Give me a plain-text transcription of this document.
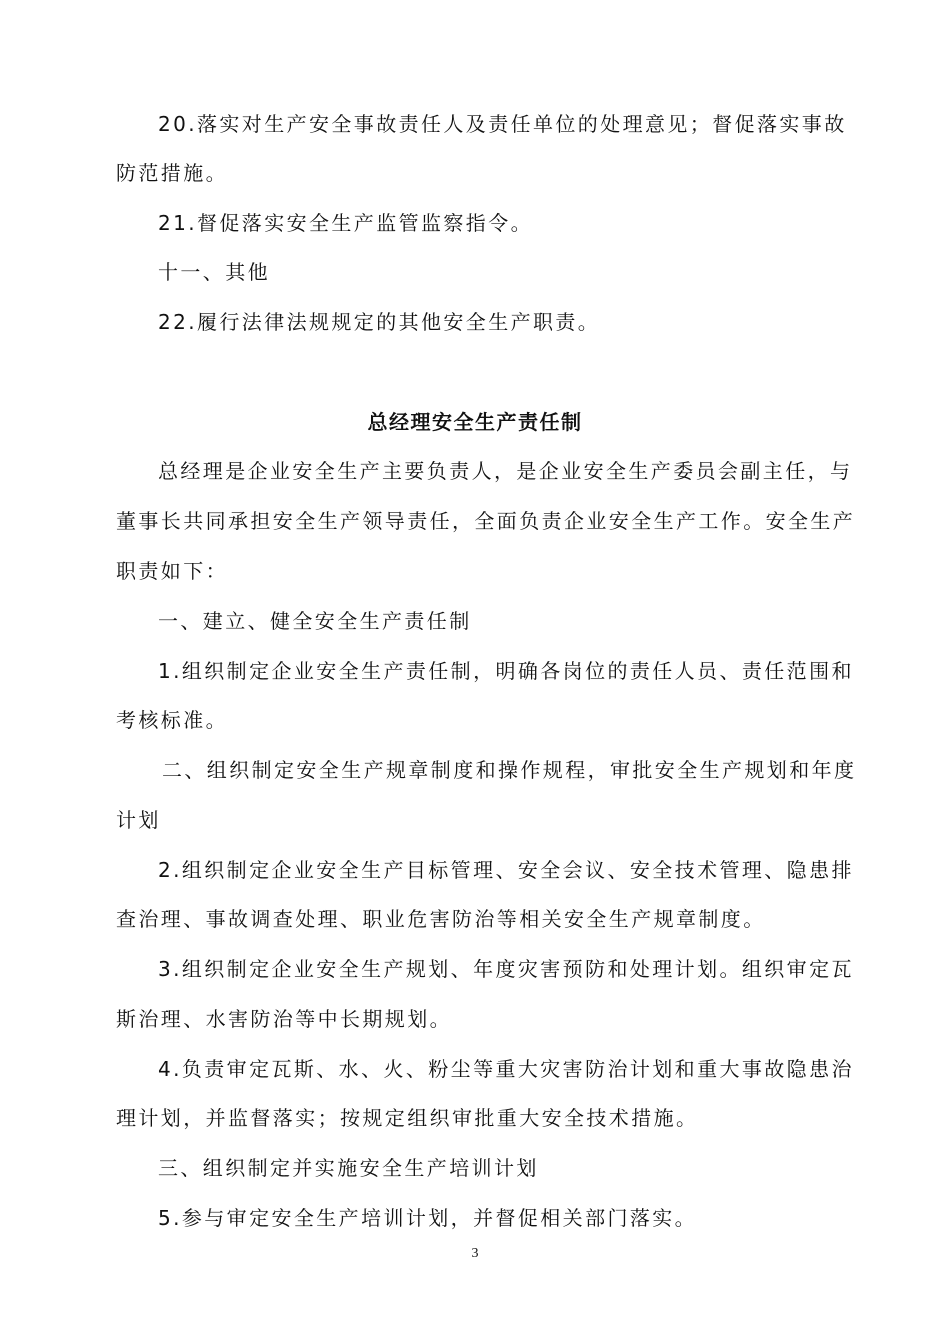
20.落实对生产安全事故责任人及责任单位的处理意见；督促落实事故
防范措施。
21.督促落实安全生产监管监察指令。
十一、其他
22.履行法律法规规定的其他安全生产职责。
总经理安全生产责任制
总经理是企业安全生产主要负责人，是企业安全生产委员会副主任，与
董事长共同承担安全生产领导责任，全面负责企业安全生产工作。安全生产
职责如下：
一、建立、健全安全生产责任制
1.组织制定企业安全生产责任制，明确各岗位的责任人员、责任范围和
考核标准。
二、组织制定安全生产规章制度和操作规程，审批安全生产规划和年度
计划
2.组织制定企业安全生产目标管理、安全会议、安全技术管理、隐患排
查治理、事故调查处理、职业危害防治等相关安全生产规章制度。
3.组织制定企业安全生产规划、年度灾害预防和处理计划。组织审定瓦
斯治理、水害防治等中长期规划。
4.负责审定瓦斯、水、火、粉尘等重大灾害防治计划和重大事故隐患治
理计划，并监督落实；按规定组织审批重大安全技术措施。
三、组织制定并实施安全生产培训计划
5.参与审定安全生产培训计划，并督促相关部门落实。
3
